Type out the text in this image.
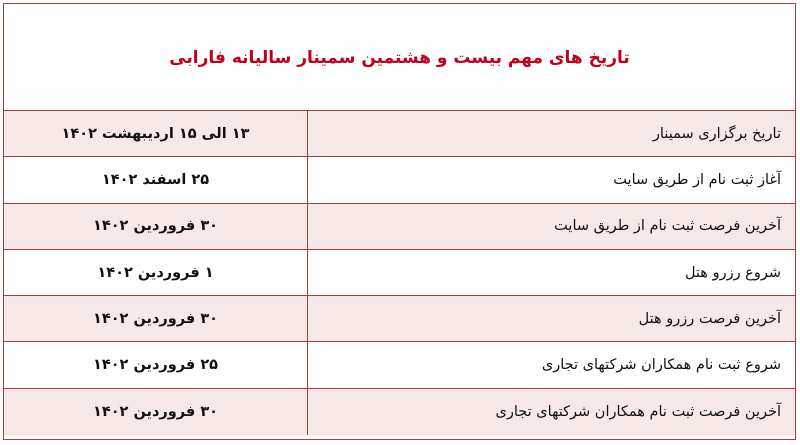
تاریخ های مهم بیست و هشتمین سمینار سالیانه فارابی
تاریخ برگزاری سمینار
۱۳ الی ۱۵ اردیبهشت ۱۴۰۲
آغاز ثبت نام از طریق سایت
۲۵ اسفند ۱۴۰۲
آخرین فرصت ثبت نام از طریق سایت
۳۰ فروردین ۱۴۰۲
شروع رزرو هتل
۱ فروردین ۱۴۰۲
آخرین فرصت رزرو هتل
۳۰ فروردین ۱۴۰۲
شروع ثبت نام همکاران شرکتهای تجاری
۲۵ فروردین ۱۴۰۲
آخرین فرصت ثبت نام همکاران شرکتهای تجاری
۳۰ فروردین ۱۴۰۲
